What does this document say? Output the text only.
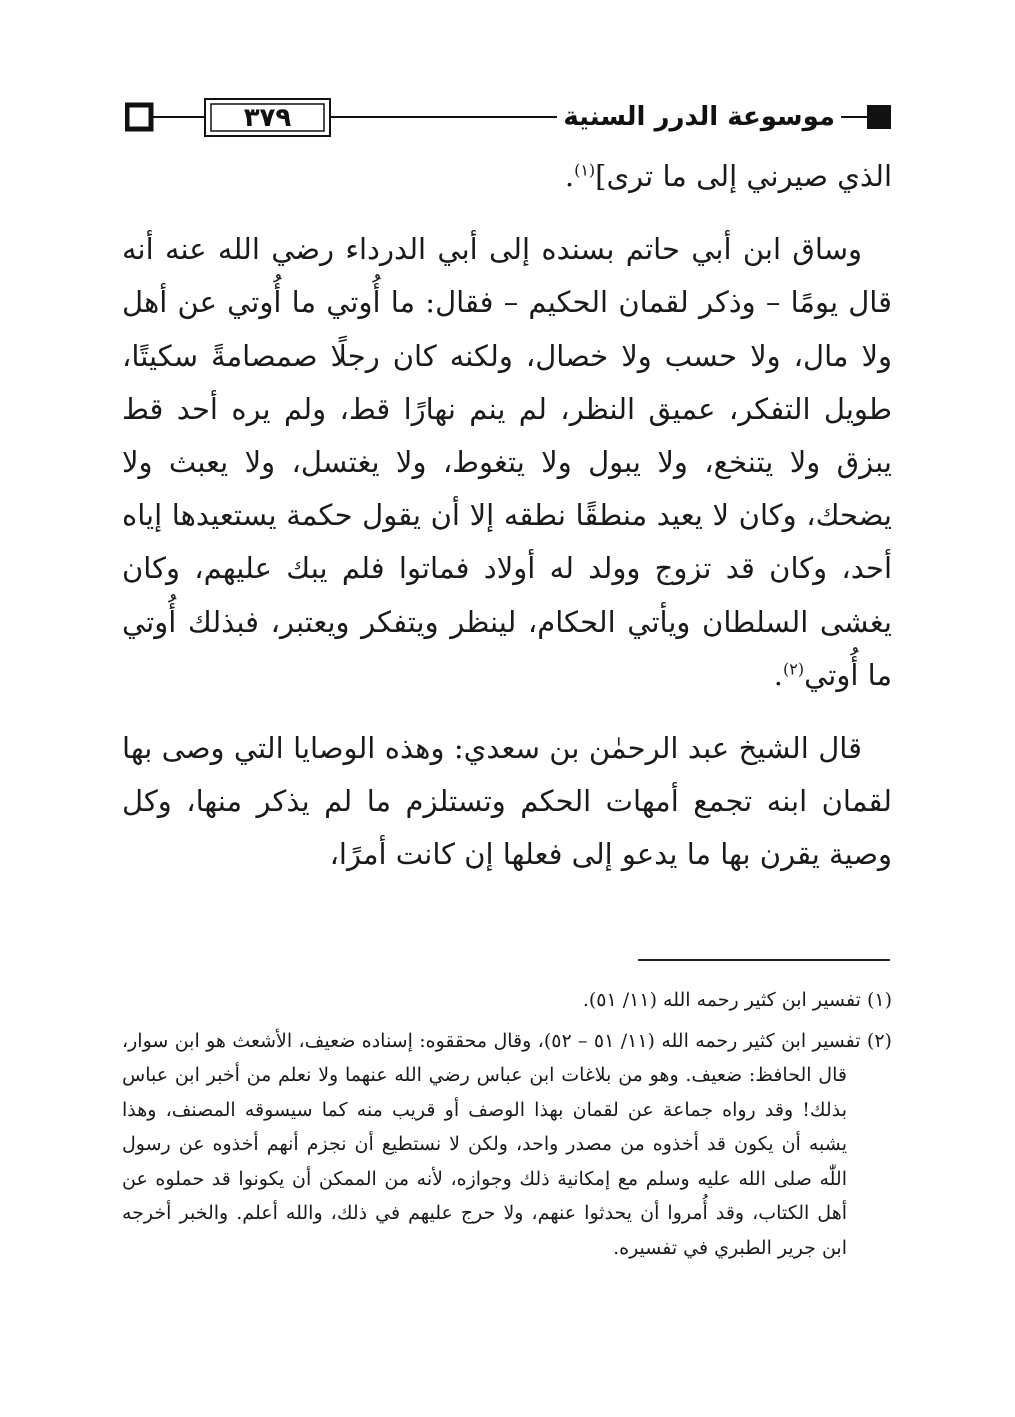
٣٧٩	موسوعة الدرر السنية

الذي صيرني إلى ما ترى]$^{(١)}$.

وساق ابن أبي حاتم بسنده إلى أبي الدرداء رضي الله عنه أنه قال يومًا – وذكر لقمان الحكيم – فقال: ما أُوتي ما أُوتي عن أهل ولا مال، ولا حسب ولا خصال، ولكنه كان رجلًا صمصامةً سكيتًا، طويل التفكر، عميق النظر، لم ينم نهارًا قط، ولم يره أحد قط يبزق ولا يتنخع، ولا يبول ولا يتغوط، ولا يغتسل، ولا يعبث ولا يضحك، وكان لا يعيد منطقًا نطقه إلا أن يقول حكمة يستعيدها إياه أحد، وكان قد تزوج وولد له أولاد فماتوا فلم يبك عليهم، وكان يغشى السلطان ويأتي الحكام، لينظر ويتفكر ويعتبر، فبذلك أُوتي ما أُوتي$^{(٢)}$.

قال الشيخ عبد الرحمٰن بن سعدي: وهذه الوصايا التي وصى بها لقمان ابنه تجمع أمهات الحكم وتستلزم ما لم يذكر منها، وكل وصية يقرن بها ما يدعو إلى فعلها إن كانت أمرًا،

(١) تفسير ابن كثير رحمه الله (١١/ ٥١).

(٢) تفسير ابن كثير رحمه الله (١١/ ٥١ – ٥٢)، وقال محققوه: إسناده ضعيف، الأشعث هو ابن سوار، قال الحافظ: ضعيف. وهو من بلاغات ابن عباس رضي الله عنهما ولا نعلم من أخبر ابن عباس بذلك! وقد رواه جماعة عن لقمان بهذا الوصف أو قريب منه كما سيسوقه المصنف، وهذا يشبه أن يكون قد أخذوه من مصدر واحد، ولكن لا نستطيع أن نجزم أنهم أخذوه عن رسول اللّٰه صلى الله عليه وسلم مع إمكانية ذلك وجوازه، لأنه من الممكن أن يكونوا قد حملوه عن أهل الكتاب، وقد أُمروا أن يحدثوا عنهم، ولا حرج عليهم في ذلك، والله أعلم. والخبر أخرجه ابن جرير الطبري في تفسيره.
